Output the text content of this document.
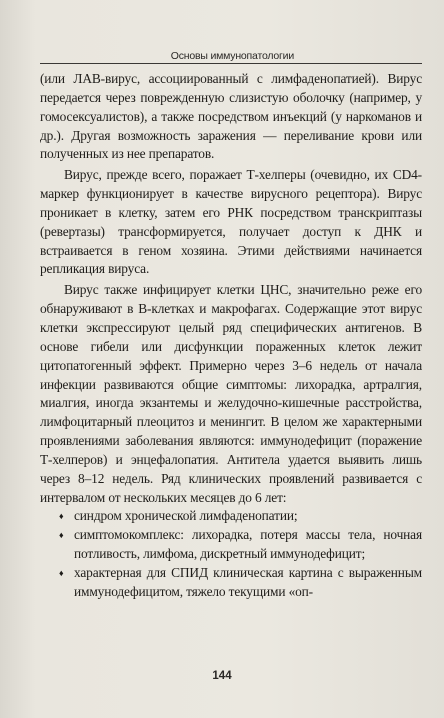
Основы иммунопатологии

(или ЛАВ-вирус, ассоциированный с лимфаденопатией). Вирус передается через поврежденную слизистую оболочку (например, у гомосексуалистов), а также посредством инъекций (у наркоманов и др.). Другая возможность заражения — переливание крови или полученных из нее препаратов.

Вирус, прежде всего, поражает Т-хелперы (очевидно, их CD4-маркер функционирует в качестве вирусного рецептора). Вирус проникает в клетку, затем его РНК посредством транскриптазы (ревертазы) трансформируется, получает доступ к ДНК и встраивается в геном хозяина. Этими действиями начинается репликация вируса.

Вирус также инфицирует клетки ЦНС, значительно реже его обнаруживают в В-клетках и макрофагах. Содержащие этот вирус клетки экспрессируют целый ряд специфических антигенов. В основе гибели или дисфункции пораженных клеток лежит цитопатогенный эффект. Примерно через 3–6 недель от начала инфекции развиваются общие симптомы: лихорадка, артралгия, миалгия, иногда экзантемы и желудочно-кишечные расстройства, лимфоцитарный плеоцитоз и менингит. В целом же характерными проявлениями заболевания являются: иммунодефицит (поражение Т-хелперов) и энцефалопатия. Антитела удается выявить лишь через 8–12 недель. Ряд клинических проявлений развивается с интервалом от нескольких месяцев до 6 лет:

♦ синдром хронической лимфаденопатии;
♦ симптомокомплекс: лихорадка, потеря массы тела, ночная потливость, лимфома, дискретный иммунодефицит;
♦ характерная для СПИД клиническая картина с выраженным иммунодефицитом, тяжело текущими «оп-
144
